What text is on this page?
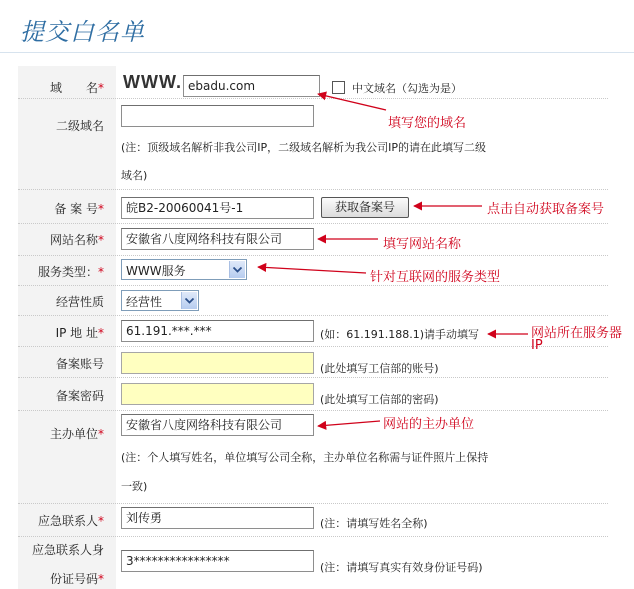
提交白名单
域　　名* WWW. ebadu.com	中文域名（勾选为是）
二级域名
(注：顶级域名解析非我公司IP，二级域名解析为我公司IP的请在此填写二级
域名)
备 案 号*	皖B2-20060041号-1	获取备案号
网站名称*	安徽省八度网络科技有限公司
服务类型：*	WWW服务
经营性质	经营性
IP 地 址*	61.191.***.***	(如：61.191.188.1)请手动填写
备案账号	(此处填写工信部的账号)
备案密码	(此处填写工信部的密码)
主办单位*
安徽省八度网络科技有限公司
(注：个人填写姓名，单位填写公司全称，主办单位名称需与证件照片上保持
一致)
应急联系人*	刘传勇	(注：请填写姓名全称)
应急联系人身
份证号码*
3****************	(注：请填写真实有效身份证号码)
填写您的域名
点击自动获取备案号
填写网站名称
针对互联网的服务类型
网站所在服务器
IP
网站的主办单位
